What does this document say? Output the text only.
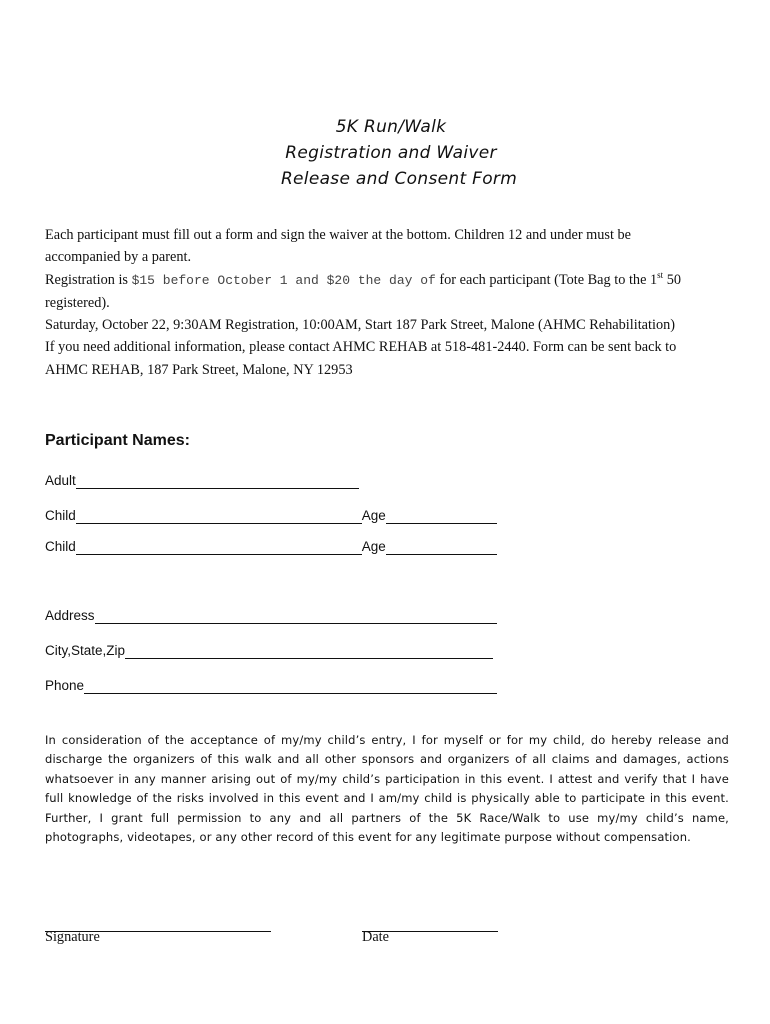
5K Run/Walk
Registration and Waiver
Release and Consent Form

Each participant must fill out a form and sign the waiver at the bottom. Children 12 and under must be accompanied by a parent.

Registration is $15 before October 1 and $20 the day of for each participant (Tote Bag to the 1st 50 registered).

Saturday, October 22, 9:30AM Registration, 10:00AM, Start 187 Park Street, Malone (AHMC Rehabilitation)

If you need additional information, please contact AHMC REHAB at 518-481-2440. Form can be sent back to AHMC REHAB, 187 Park Street, Malone, NY 12953

Participant Names:
Adult
Child	Age
Child	Age
Address
City,State,Zip
Phone

In consideration of the acceptance of my/my child’s entry, I for myself or for my child, do hereby release and discharge the organizers of this walk and all other sponsors and organizers of all claims and damages, actions whatsoever in any manner arising out of my/my child’s participation in this event. I attest and verify that I have full knowledge of the risks involved in this event and I am/my child is physically able to participate in this event. Further, I grant full permission to any and all partners of the 5K Race/Walk to use my/my child’s name, photographs, videotapes, or any other record of this event for any legitimate purpose without compensation.

Signature	Date
